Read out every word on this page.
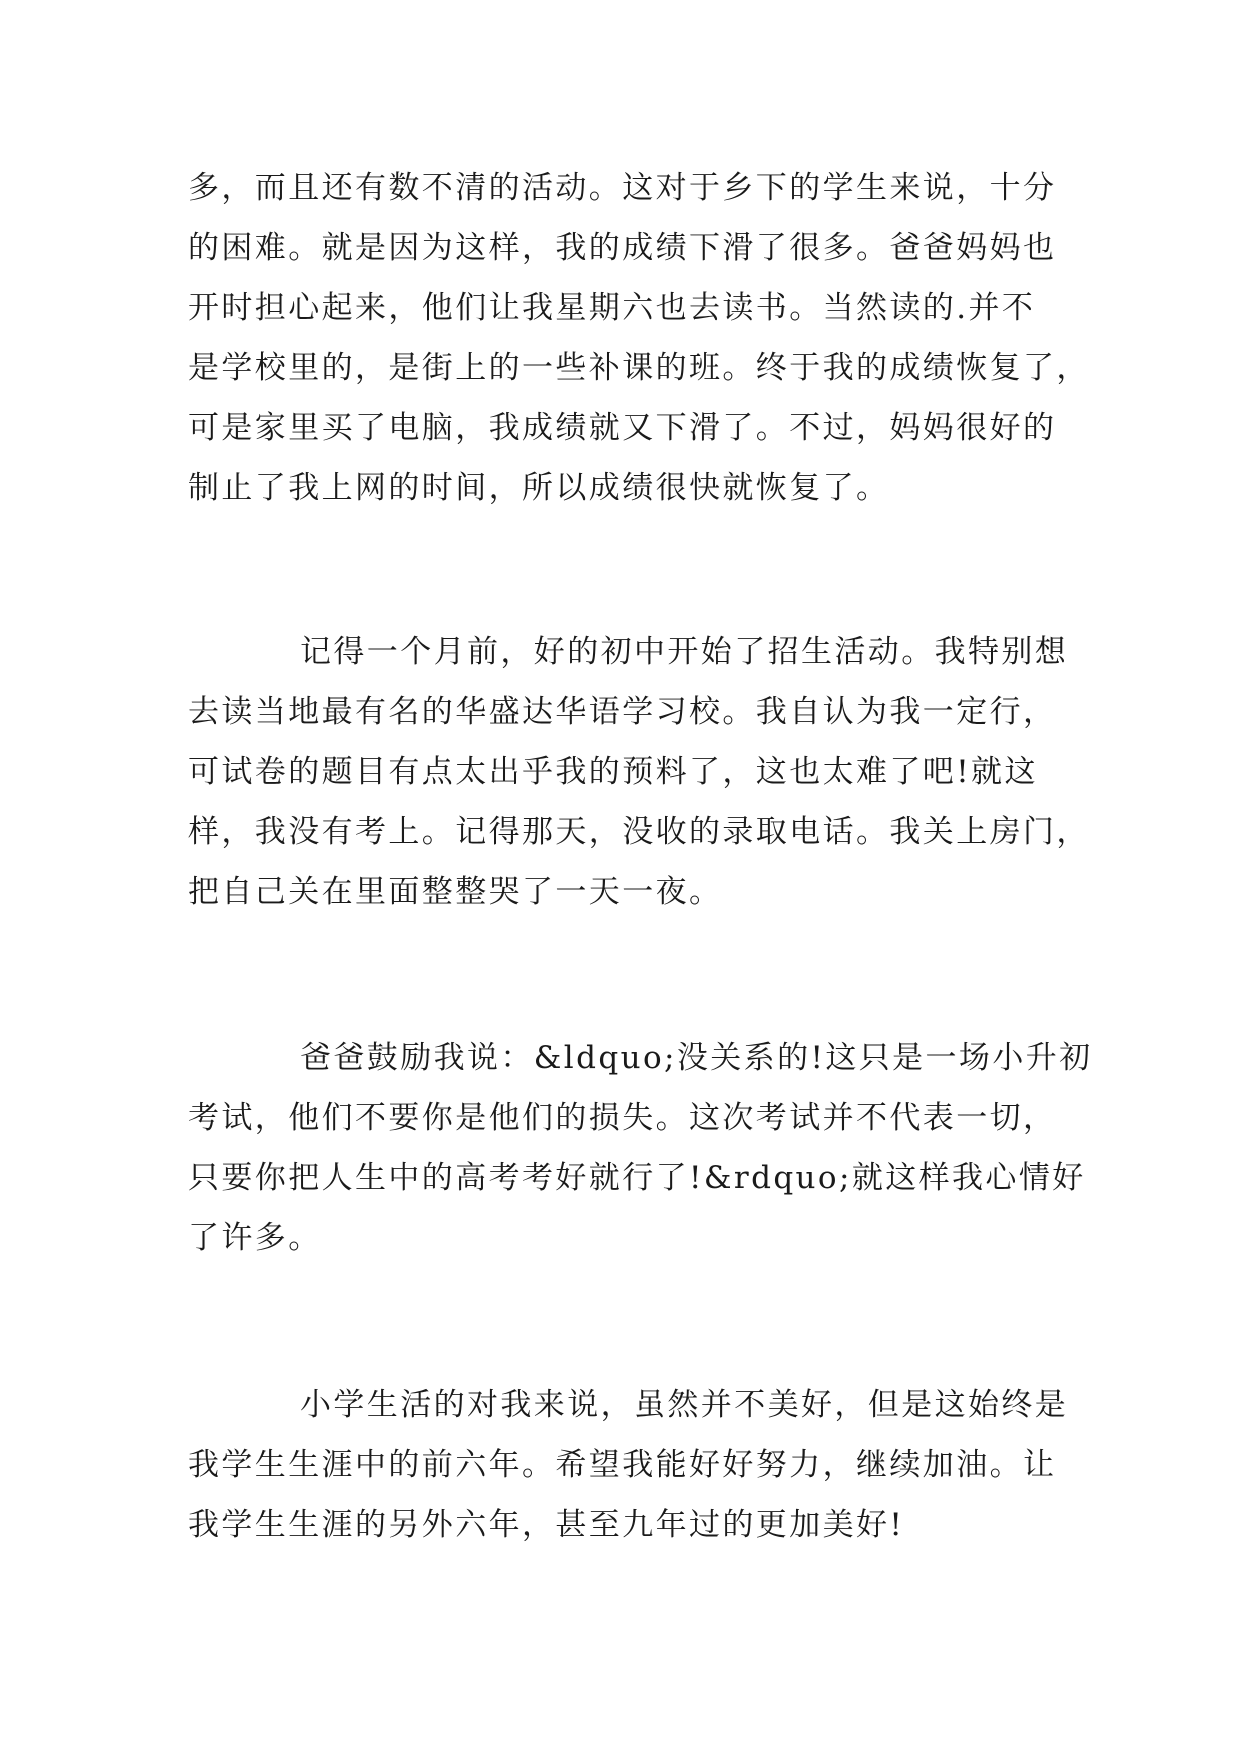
多，而且还有数不清的活动。这对于乡下的学生来说，十分
的困难。就是因为这样，我的成绩下滑了很多。爸爸妈妈也
开时担心起来，他们让我星期六也去读书。当然读的.并不
是学校里的，是街上的一些补课的班。终于我的成绩恢复了，
可是家里买了电脑，我成绩就又下滑了。不过，妈妈很好的
制止了我上网的时间，所以成绩很快就恢复了。
记得一个月前，好的初中开始了招生活动。我特别想
去读当地最有名的华盛达华语学习校。我自认为我一定行，
可试卷的题目有点太出乎我的预料了，这也太难了吧!就这
样，我没有考上。记得那天，没收的录取电话。我关上房门，
把自己关在里面整整哭了一天一夜。
爸爸鼓励我说：&ldquo;没关系的!这只是一场小升初
考试，他们不要你是他们的损失。这次考试并不代表一切，
只要你把人生中的高考考好就行了!&rdquo;就这样我心情好
了许多。
小学生活的对我来说，虽然并不美好，但是这始终是
我学生生涯中的前六年。希望我能好好努力，继续加油。让
我学生生涯的另外六年，甚至九年过的更加美好!
